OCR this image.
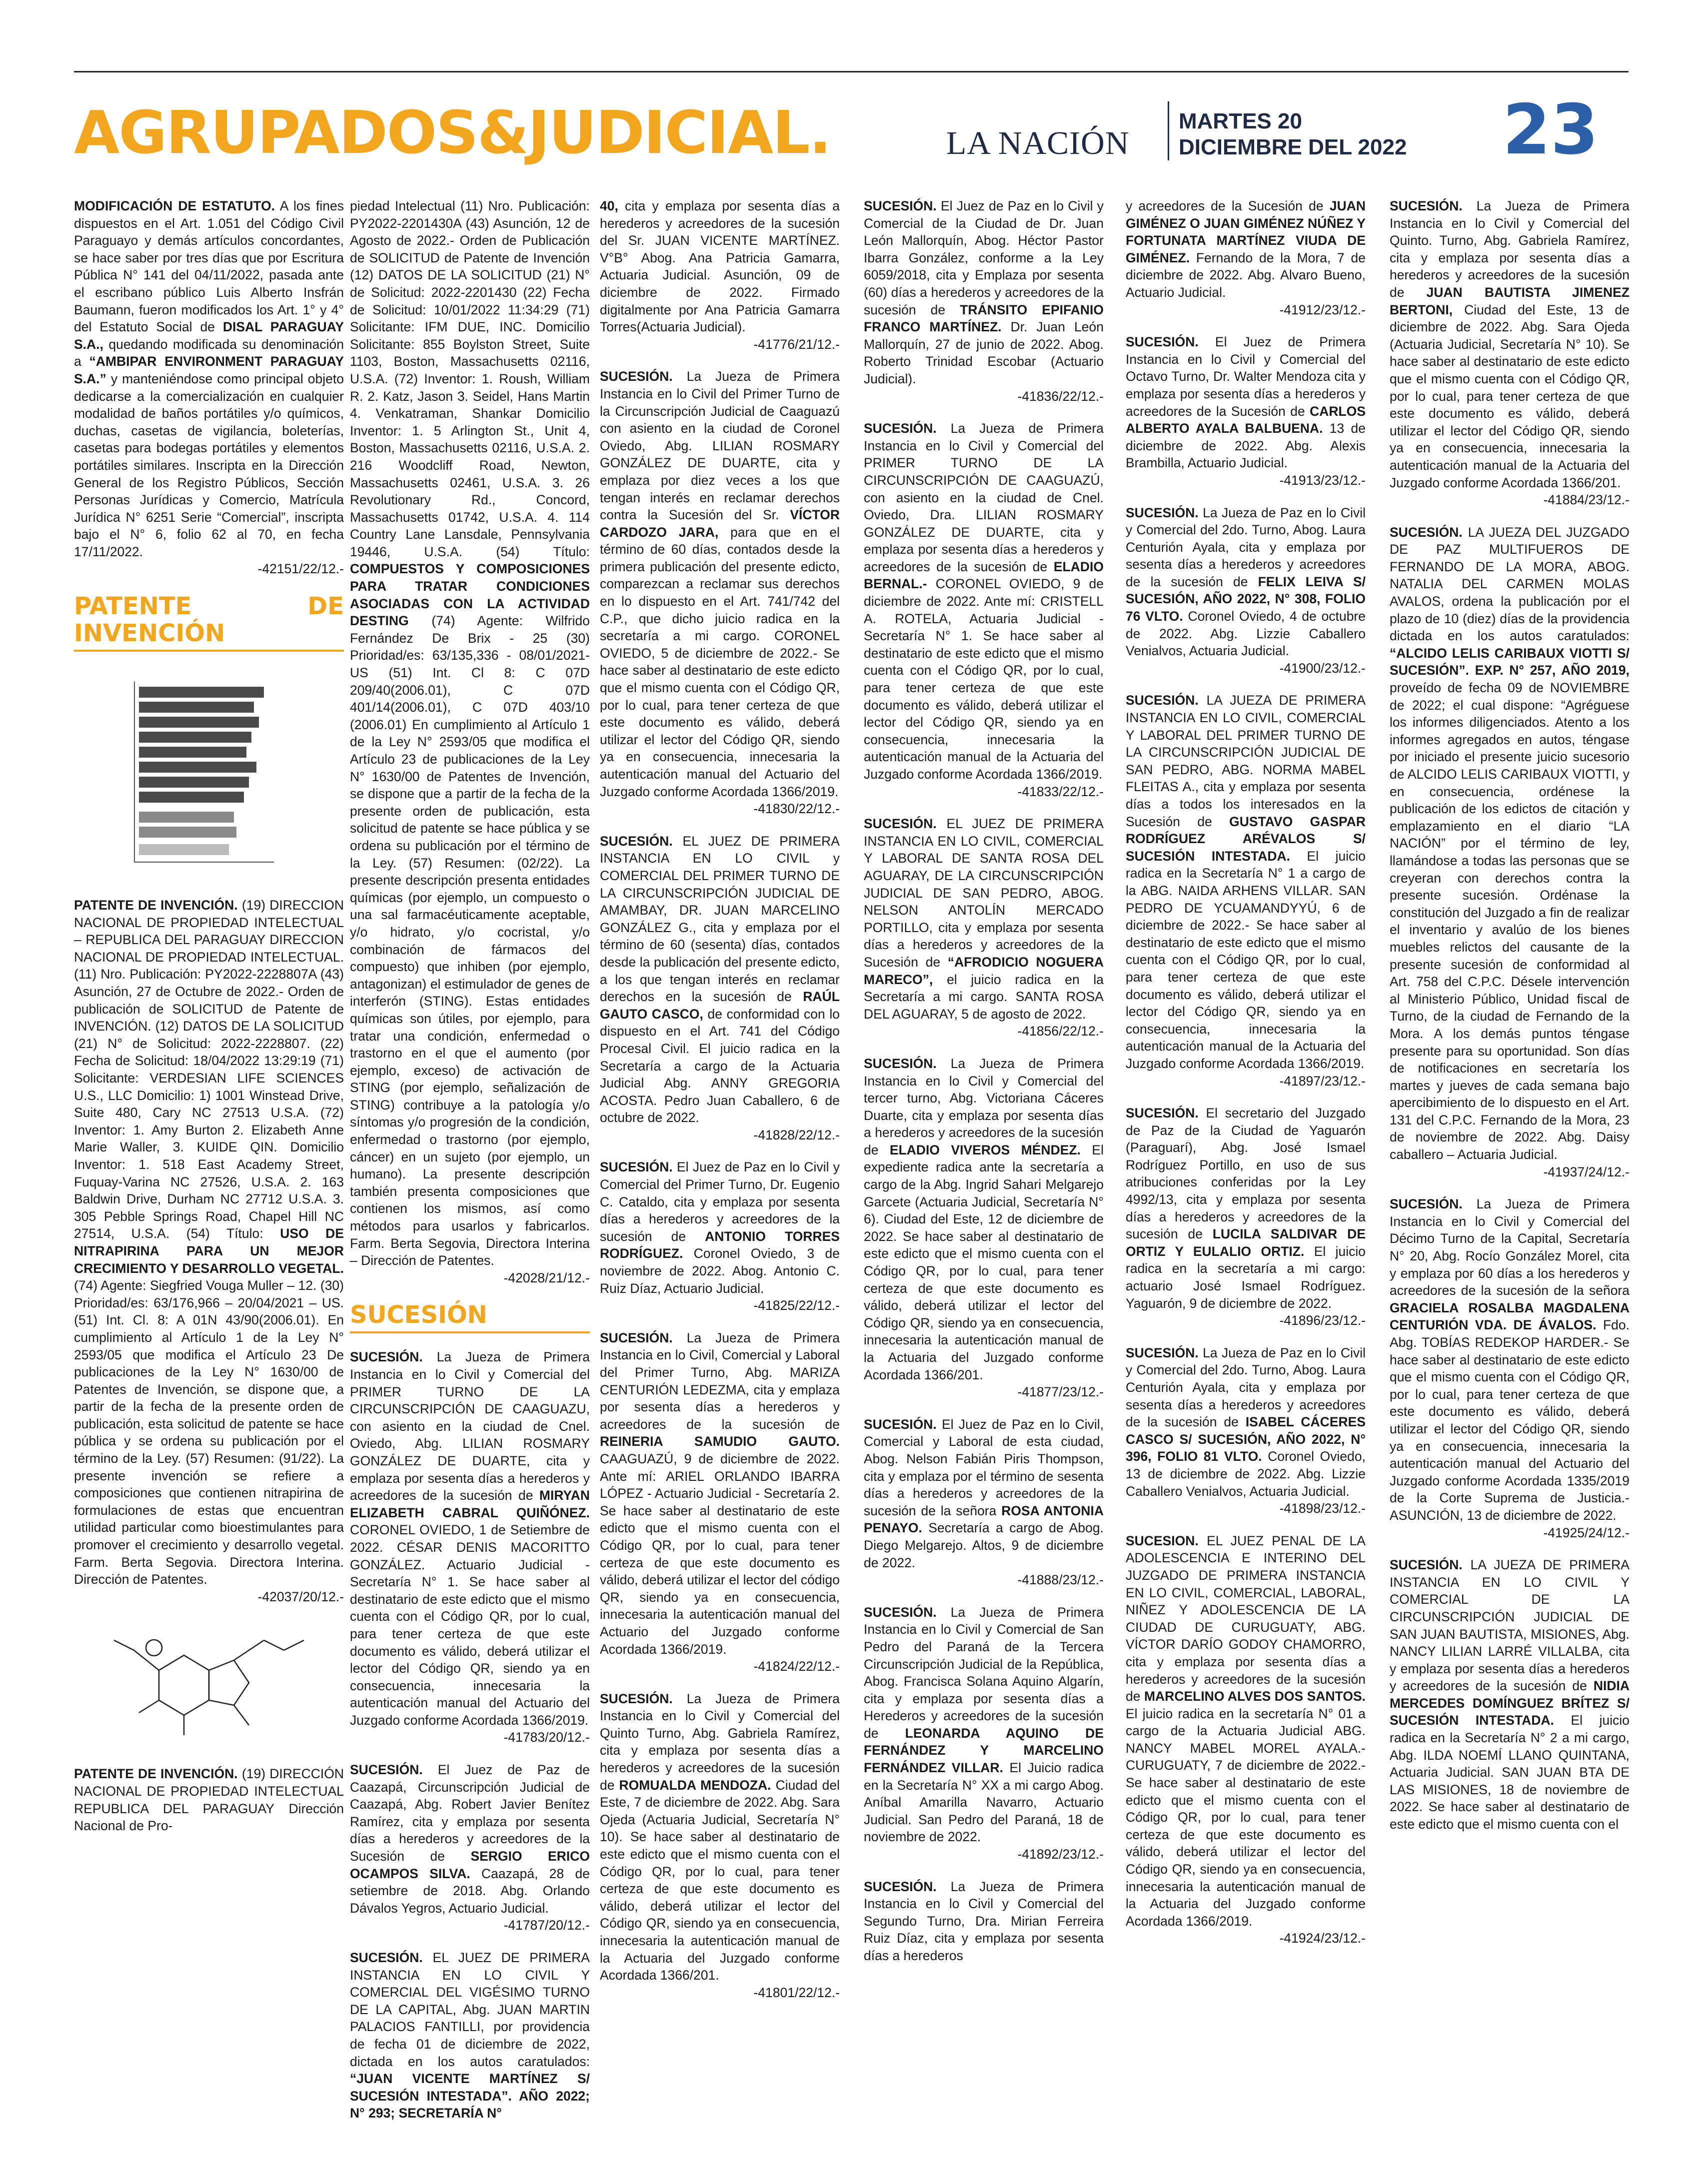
AGRUPADOS&JUDICIAL.	LA NACIÓN
MARTES 20
DICIEMBRE DEL 2022 23

MODIFICACIÓN DE ESTATUTO. A los fines dispuestos en el Art. 1.051 del Código Civil Paraguayo y demás artículos concordantes, se hace saber por tres días que por Escritura Pública N° 141 del 04/11/2022, pasada ante el escribano público Luis Alberto Insfrán Baumann, fueron modificados los Art. 1° y 4° del Estatuto Social de DISAL PARAGUAY S.A., quedando modificada su denominación a “AMBIPAR ENVIRONMENT PARAGUAY S.A.” y manteniéndose como principal objeto dedicarse a la comercialización en cualquier modalidad de baños portátiles y/o químicos, duchas, casetas de vigilancia, boleterías, casetas para bodegas portátiles y elementos portátiles similares. Inscripta en la Dirección General de los Registro Públicos, Sección Personas Jurídicas y Comercio, Matrícula Jurídica N° 6251 Serie “Comercial”, inscripta bajo el N° 6, folio 62 al 70, en fecha 17/11/2022.

-42151/22/12.-
PATENTE DE INVENCIÓN

PATENTE DE INVENCIÓN. (19) DIRECCION NACIONAL DE PROPIEDAD INTELECTUAL – REPUBLICA DEL PARAGUAY DIRECCION NACIONAL DE PROPIEDAD INTELECTUAL. (11) Nro. Publicación: PY2022-2228807A (43) Asunción, 27 de Octubre de 2022.- Orden de publicación de SOLICITUD de Patente de INVENCIÓN. (12) DATOS DE LA SOLICITUD (21) N° de Solicitud: 2022-2228807. (22) Fecha de Solicitud: 18/04/2022 13:29:19 (71) Solicitante: VERDESIAN LIFE SCIENCES U.S., LLC Domicilio: 1) 1001 Winstead Drive, Suite 480, Cary NC 27513 U.S.A. (72) Inventor: 1. Amy Burton 2. Elizabeth Anne Marie Waller, 3. KUIDE QIN. Domicilio Inventor: 1. 518 East Academy Street, Fuquay-Varina NC 27526, U.S.A. 2. 163 Baldwin Drive, Durham NC 27712 U.S.A. 3. 305 Pebble Springs Road, Chapel Hill NC 27514, U.S.A. (54) Título: USO DE NITRAPIRINA PARA UN MEJOR CRECIMIENTO Y DESARROLLO VEGETAL. (74) Agente: Siegfried Vouga Muller – 12. (30) Prioridad/es: 63/176,966 – 20/04/2021 – US. (51) Int. Cl. 8: A 01N 43/90(2006.01). En cumplimiento al Artículo 1 de la Ley N° 2593/05 que modifica el Artículo 23 De publicaciones de la Ley N° 1630/00 de Patentes de Invención, se dispone que, a partir de la fecha de la presente orden de publicación, esta solicitud de patente se hace pública y se ordena su publicación por el término de la Ley. (57) Resumen: (91/22). La presente invención se refiere a composiciones que contienen nitrapirina de formulaciones de estas que encuentran utilidad particular como bioestimulantes para promover el crecimiento y desarrollo vegetal. Farm. Berta Segovia. Directora Interina. Dirección de Patentes.

-42037/20/12.-

PATENTE DE INVENCIÓN. (19) DIRECCIÓN NACIONAL DE PROPIEDAD INTELECTUAL REPUBLICA DEL PARAGUAY Dirección Nacional de Pro-

piedad Intelectual (11) Nro. Publicación: PY2022-2201430A (43) Asunción, 12 de Agosto de 2022.- Orden de Publicación de SOLICITUD de Patente de Invención (12) DATOS DE LA SOLICITUD (21) N° de Solicitud: 2022-2201430 (22) Fecha de Solicitud: 10/01/2022 11:34:29 (71) Solicitante: IFM DUE, INC. Domicilio Solicitante: 855 Boylston Street, Suite 1103, Boston, Massachusetts 02116, U.S.A. (72) Inventor: 1. Roush, William R. 2. Katz, Jason 3. Seidel, Hans Martin 4. Venkatraman, Shankar Domicilio Inventor: 1. 5 Arlington St., Unit 4, Boston, Massachusetts 02116, U.S.A. 2. 216 Woodcliff Road, Newton, Massachusetts 02461, U.S.A. 3. 26 Revolutionary Rd., Concord, Massachusetts 01742, U.S.A. 4. 114 Country Lane Lansdale, Pennsylvania 19446, U.S.A. (54) Título: COMPUESTOS Y COMPOSICIONES PARA TRATAR CONDICIONES ASOCIADAS CON LA ACTIVIDAD DESTING (74) Agente: Wilfrido Fernández De Brix - 25 (30) Prioridad/es: 63/135,336 - 08/01/2021- US (51) Int. Cl 8: C 07D 209/40(2006.01), C 07D 401/14(2006.01), C 07D 403/10 (2006.01) En cumplimiento al Artículo 1 de la Ley N° 2593/05 que modifica el Artículo 23 de publicaciones de la Ley N° 1630/00 de Patentes de Invención, se dispone que a partir de la fecha de la presente orden de publicación, esta solicitud de patente se hace pública y se ordena su publicación por el término de la Ley. (57) Resumen: (02/22). La presente descripción presenta entidades químicas (por ejemplo, un compuesto o una sal farmacéuticamente aceptable, y/o hidrato, y/o cocristal, y/o combinación de fármacos del compuesto) que inhiben (por ejemplo, antagonizan) el estimulador de genes de interferón (STING). Estas entidades químicas son útiles, por ejemplo, para tratar una condición, enfermedad o trastorno en el que el aumento (por ejemplo, exceso) de activación de STING (por ejemplo, señalización de STING) contribuye a la patología y/o síntomas y/o progresión de la condición, enfermedad o trastorno (por ejemplo, cáncer) en un sujeto (por ejemplo, un humano). La presente descripción también presenta composiciones que contienen los mismos, así como métodos para usarlos y fabricarlos. Farm. Berta Segovia, Directora Interina – Dirección de Patentes.

-42028/21/12.-
SUCESIÓN

SUCESIÓN. La Jueza de Primera Instancia en lo Civil y Comercial del PRIMER TURNO DE LA CIRCUNSCRIPCIÓN DE CAAGUAZU, con asiento en la ciudad de Cnel. Oviedo, Abg. LILIAN ROSMARY GONZÁLEZ DE DUARTE, cita y emplaza por sesenta días a herederos y acreedores de la sucesión de MIRYAN ELIZABETH CABRAL QUIÑÓNEZ. CORONEL OVIEDO, 1 de Setiembre de 2022. CÉSAR DENIS MACORITTO GONZÁLEZ. Actuario Judicial - Secretaría N° 1. Se hace saber al destinatario de este edicto que el mismo cuenta con el Código QR, por lo cual, para tener certeza de que este documento es válido, deberá utilizar el lector del Código QR, siendo ya en consecuencia, innecesaria la autenticación manual del Actuario del Juzgado conforme Acordada 1366/2019.

-41783/20/12.-

SUCESIÓN. El Juez de Paz de Caazapá, Circunscripción Judicial de Caazapá, Abg. Robert Javier Benítez Ramírez, cita y emplaza por sesenta días a herederos y acreedores de la Sucesión de SERGIO ERICO OCAMPOS SILVA. Caazapá, 28 de setiembre de 2018. Abg. Orlando Dávalos Yegros, Actuario Judicial.

-41787/20/12.-

SUCESIÓN. EL JUEZ DE PRIMERA INSTANCIA EN LO CIVIL Y COMERCIAL DEL VIGÉSIMO TURNO DE LA CAPITAL, Abg. JUAN MARTIN PALACIOS FANTILLI, por providencia de fecha 01 de diciembre de 2022, dictada en los autos caratulados: “JUAN VICENTE MARTÍNEZ S/ SUCESIÓN INTESTADA”. AÑO 2022; N° 293; SECRETARÍA N°

40, cita y emplaza por sesenta días a herederos y acreedores de la sucesión del Sr. JUAN VICENTE MARTÍNEZ. V°B° Abog. Ana Patricia Gamarra, Actuaria Judicial. Asunción, 09 de diciembre de 2022. Firmado digitalmente por Ana Patricia Gamarra Torres(Actuaria Judicial).

-41776/21/12.-

SUCESIÓN. La Jueza de Primera Instancia en lo Civil del Primer Turno de la Circunscripción Judicial de Caaguazú con asiento en la ciudad de Coronel Oviedo, Abg. LILIAN ROSMARY GONZÁLEZ DE DUARTE, cita y emplaza por diez veces a los que tengan interés en reclamar derechos contra la Sucesión del Sr. VÍCTOR CARDOZO JARA, para que en el término de 60 días, contados desde la primera publicación del presente edicto, comparezcan a reclamar sus derechos en lo dispuesto en el Art. 741/742 del C.P., que dicho juicio radica en la secretaría a mi cargo. CORONEL OVIEDO, 5 de diciembre de 2022.- Se hace saber al destinatario de este edicto que el mismo cuenta con el Código QR, por lo cual, para tener certeza de que este documento es válido, deberá utilizar el lector del Código QR, siendo ya en consecuencia, innecesaria la autenticación manual del Actuario del Juzgado conforme Acordada 1366/2019.

-41830/22/12.-

SUCESIÓN. EL JUEZ DE PRIMERA INSTANCIA EN LO CIVIL y COMERCIAL DEL PRIMER TURNO DE LA CIRCUNSCRIPCIÓN JUDICIAL DE AMAMBAY, DR. JUAN MARCELINO GONZÁLEZ G., cita y emplaza por el término de 60 (sesenta) días, contados desde la publicación del presente edicto, a los que tengan interés en reclamar derechos en la sucesión de RAÚL GAUTO CASCO, de conformidad con lo dispuesto en el Art. 741 del Código Procesal Civil. El juicio radica en la Secretaría a cargo de la Actuaria Judicial Abg. ANNY GREGORIA ACOSTA. Pedro Juan Caballero, 6 de octubre de 2022.

-41828/22/12.-

SUCESIÓN. El Juez de Paz en lo Civil y Comercial del Primer Turno, Dr. Eugenio C. Cataldo, cita y emplaza por sesenta días a herederos y acreedores de la sucesión de ANTONIO TORRES RODRÍGUEZ. Coronel Oviedo, 3 de noviembre de 2022. Abog. Antonio C. Ruiz Díaz, Actuario Judicial.

-41825/22/12.-

SUCESIÓN. La Jueza de Primera Instancia en lo Civil, Comercial y Laboral del Primer Turno, Abg. MARIZA CENTURIÓN LEDEZMA, cita y emplaza por sesenta días a herederos y acreedores de la sucesión de REINERIA SAMUDIO GAUTO. CAAGUAZÚ, 9 de diciembre de 2022. Ante mí: ARIEL ORLANDO IBARRA LÓPEZ - Actuario Judicial - Secretaría 2. Se hace saber al destinatario de este edicto que el mismo cuenta con el Código QR, por lo cual, para tener certeza de que este documento es válido, deberá utilizar el lector del código QR, siendo ya en consecuencia, innecesaria la autenticación manual del Actuario del Juzgado conforme Acordada 1366/2019.

-41824/22/12.-

SUCESIÓN. La Jueza de Primera Instancia en lo Civil y Comercial del Quinto Turno, Abg. Gabriela Ramírez, cita y emplaza por sesenta días a herederos y acreedores de la sucesión de ROMUALDA MENDOZA. Ciudad del Este, 7 de diciembre de 2022. Abg. Sara Ojeda (Actuaria Judicial, Secretaría N° 10). Se hace saber al destinatario de este edicto que el mismo cuenta con el Código QR, por lo cual, para tener certeza de que este documento es válido, deberá utilizar el lector del Código QR, siendo ya en consecuencia, innecesaria la autenticación manual de la Actuaria del Juzgado conforme Acordada 1366/201.

-41801/22/12.-

SUCESIÓN. El Juez de Paz en lo Civil y Comercial de la Ciudad de Dr. Juan León Mallorquín, Abog. Héctor Pastor Ibarra González, conforme a la Ley 6059/2018, cita y Emplaza por sesenta (60) días a herederos y acreedores de la sucesión de TRÁNSITO EPIFANIO FRANCO MARTÍNEZ. Dr. Juan León Mallorquín, 27 de junio de 2022. Abog. Roberto Trinidad Escobar (Actuario Judicial).

-41836/22/12.-

SUCESIÓN. La Jueza de Primera Instancia en lo Civil y Comercial del PRIMER TURNO DE LA CIRCUNSCRIPCIÓN DE CAAGUAZÚ, con asiento en la ciudad de Cnel. Oviedo, Dra. LILIAN ROSMARY GONZÁLEZ DE DUARTE, cita y emplaza por sesenta días a herederos y acreedores de la sucesión de ELADIO BERNAL.- CORONEL OVIEDO, 9 de diciembre de 2022. Ante mí: CRISTELL A. ROTELA, Actuaria Judicial - Secretaría N° 1. Se hace saber al destinatario de este edicto que el mismo cuenta con el Código QR, por lo cual, para tener certeza de que este documento es válido, deberá utilizar el lector del Código QR, siendo ya en consecuencia, innecesaria la autenticación manual de la Actuaria del Juzgado conforme Acordada 1366/2019.

-41833/22/12.-

SUCESIÓN. EL JUEZ DE PRIMERA INSTANCIA EN LO CIVIL, COMERCIAL Y LABORAL DE SANTA ROSA DEL AGUARAY, DE LA CIRCUNSCRIPCIÓN JUDICIAL DE SAN PEDRO, ABOG. NELSON ANTOLÍN MERCADO PORTILLO, cita y emplaza por sesenta días a herederos y acreedores de la Sucesión de “AFRODICIO NOGUERA MARECO”, el juicio radica en la Secretaría a mi cargo. SANTA ROSA DEL AGUARAY, 5 de agosto de 2022.

-41856/22/12.-

SUCESIÓN. La Jueza de Primera Instancia en lo Civil y Comercial del tercer turno, Abg. Victoriana Cáceres Duarte, cita y emplaza por sesenta días a herederos y acreedores de la sucesión de ELADIO VIVEROS MÉNDEZ. El expediente radica ante la secretaría a cargo de la Abg. Ingrid Sahari Melgarejo Garcete (Actuaria Judicial, Secretaría N° 6). Ciudad del Este, 12 de diciembre de 2022. Se hace saber al destinatario de este edicto que el mismo cuenta con el Código QR, por lo cual, para tener certeza de que este documento es válido, deberá utilizar el lector del Código QR, siendo ya en consecuencia, innecesaria la autenticación manual de la Actuaria del Juzgado conforme Acordada 1366/201.

-41877/23/12.-

SUCESIÓN. El Juez de Paz en lo Civil, Comercial y Laboral de esta ciudad, Abog. Nelson Fabián Piris Thompson, cita y emplaza por el término de sesenta días a herederos y acreedores de la sucesión de la señora ROSA ANTONIA PENAYO. Secretaría a cargo de Abog. Diego Melgarejo. Altos, 9 de diciembre de 2022.

-41888/23/12.-

SUCESIÓN. La Jueza de Primera Instancia en lo Civil y Comercial de San Pedro del Paraná de la Tercera Circunscripción Judicial de la República, Abog. Francisca Solana Aquino Algarín, cita y emplaza por sesenta días a Herederos y acreedores de la sucesión de LEONARDA AQUINO DE FERNÁNDEZ Y MARCELINO FERNÁNDEZ VILLAR. El Juicio radica en la Secretaría N° XX a mi cargo Abog. Aníbal Amarilla Navarro, Actuario Judicial. San Pedro del Paraná, 18 de noviembre de 2022.

-41892/23/12.-

SUCESIÓN. La Jueza de Primera Instancia en lo Civil y Comercial del Segundo Turno, Dra. Mirian Ferreira Ruiz Díaz, cita y emplaza por sesenta días a herederos

y acreedores de la Sucesión de JUAN GIMÉNEZ O JUAN GIMÉNEZ NÚÑEZ Y FORTUNATA MARTÍNEZ VIUDA DE GIMÉNEZ. Fernando de la Mora, 7 de diciembre de 2022. Abg. Alvaro Bueno, Actuario Judicial.

-41912/23/12.-

SUCESIÓN. El Juez de Primera Instancia en lo Civil y Comercial del Octavo Turno, Dr. Walter Mendoza cita y emplaza por sesenta días a herederos y acreedores de la Sucesión de CARLOS ALBERTO AYALA BALBUENA. 13 de diciembre de 2022. Abg. Alexis Brambilla, Actuario Judicial.

-41913/23/12.-

SUCESIÓN. La Jueza de Paz en lo Civil y Comercial del 2do. Turno, Abog. Laura Centurión Ayala, cita y emplaza por sesenta días a herederos y acreedores de la sucesión de FELIX LEIVA S/ SUCESIÓN, AÑO 2022, N° 308, FOLIO 76 VLTO. Coronel Oviedo, 4 de octubre de 2022. Abg. Lizzie Caballero Venialvos, Actuaria Judicial.

-41900/23/12.-

SUCESIÓN. LA JUEZA DE PRIMERA INSTANCIA EN LO CIVIL, COMERCIAL Y LABORAL DEL PRIMER TURNO DE LA CIRCUNSCRIPCIÓN JUDICIAL DE SAN PEDRO, ABG. NORMA MABEL FLEITAS A., cita y emplaza por sesenta días a todos los interesados en la Sucesión de GUSTAVO GASPAR RODRÍGUEZ ARÉVALOS S/ SUCESIÓN INTESTADA. El juicio radica en la Secretaría N° 1 a cargo de la ABG. NAIDA ARHENS VILLAR. SAN PEDRO DE YCUAMANDYYÚ, 6 de diciembre de 2022.- Se hace saber al destinatario de este edicto que el mismo cuenta con el Código QR, por lo cual, para tener certeza de que este documento es válido, deberá utilizar el lector del Código QR, siendo ya en consecuencia, innecesaria la autenticación manual de la Actuaria del Juzgado conforme Acordada 1366/2019.

-41897/23/12.-

SUCESIÓN. El secretario del Juzgado de Paz de la Ciudad de Yaguarón (Paraguarí), Abg. José Ismael Rodríguez Portillo, en uso de sus atribuciones conferidas por la Ley 4992/13, cita y emplaza por sesenta días a herederos y acreedores de la sucesión de LUCILA SALDIVAR DE ORTIZ Y EULALIO ORTIZ. El juicio radica en la secretaría a mi cargo: actuario José Ismael Rodríguez. Yaguarón, 9 de diciembre de 2022.

-41896/23/12.-

SUCESIÓN. La Jueza de Paz en lo Civil y Comercial del 2do. Turno, Abog. Laura Centurión Ayala, cita y emplaza por sesenta días a herederos y acreedores de la sucesión de ISABEL CÁCERES CASCO S/ SUCESIÓN, AÑO 2022, N° 396, FOLIO 81 VLTO. Coronel Oviedo, 13 de diciembre de 2022. Abg. Lizzie Caballero Venialvos, Actuaria Judicial.

-41898/23/12.-

SUCESION. EL JUEZ PENAL DE LA ADOLESCENCIA E INTERINO DEL JUZGADO DE PRIMERA INSTANCIA EN LO CIVIL, COMERCIAL, LABORAL, NIÑEZ Y ADOLESCENCIA DE LA CIUDAD DE CURUGUATY, ABG. VÍCTOR DARÍO GODOY CHAMORRO, cita y emplaza por sesenta días a herederos y acreedores de la sucesión de MARCELINO ALVES DOS SANTOS. El juicio radica en la secretaría N° 01 a cargo de la Actuaria Judicial ABG. NANCY MABEL MOREL AYALA.- CURUGUATY, 7 de diciembre de 2022.- Se hace saber al destinatario de este edicto que el mismo cuenta con el Código QR, por lo cual, para tener certeza de que este documento es válido, deberá utilizar el lector del Código QR, siendo ya en consecuencia, innecesaria la autenticación manual de la Actuaria del Juzgado conforme Acordada 1366/2019.

-41924/23/12.-

SUCESIÓN. La Jueza de Primera Instancia en lo Civil y Comercial del Quinto. Turno, Abg. Gabriela Ramírez, cita y emplaza por sesenta días a herederos y acreedores de la sucesión de JUAN BAUTISTA JIMENEZ BERTONI, Ciudad del Este, 13 de diciembre de 2022. Abg. Sara Ojeda (Actuaria Judicial, Secretaría N° 10). Se hace saber al destinatario de este edicto que el mismo cuenta con el Código QR, por lo cual, para tener certeza de que este documento es válido, deberá utilizar el lector del Código QR, siendo ya en consecuencia, innecesaria la autenticación manual de la Actuaria del Juzgado conforme Acordada 1366/201.

-41884/23/12.-

SUCESIÓN. LA JUEZA DEL JUZGADO DE PAZ MULTIFUEROS DE FERNANDO DE LA MORA, ABOG. NATALIA DEL CARMEN MOLAS AVALOS, ordena la publicación por el plazo de 10 (diez) días de la providencia dictada en los autos caratulados: “ALCIDO LELIS CARIBAUX VIOTTI S/ SUCESIÓN”. EXP. N° 257, AÑO 2019, proveído de fecha 09 de NOVIEMBRE de 2022; el cual dispone: “Agréguese los informes diligenciados. Atento a los informes agregados en autos, téngase por iniciado el presente juicio sucesorio de ALCIDO LELIS CARIBAUX VIOTTI, y en consecuencia, ordénese la publicación de los edictos de citación y emplazamiento en el diario “LA NACIÓN” por el término de ley, llamándose a todas las personas que se creyeran con derechos contra la presente sucesión. Ordénase la constitución del Juzgado a fin de realizar el inventario y avalúo de los bienes muebles relictos del causante de la presente sucesión de conformidad al Art. 758 del C.P.C. Désele intervención al Ministerio Público, Unidad fiscal de Turno, de la ciudad de Fernando de la Mora. A los demás puntos téngase presente para su oportunidad. Son días de notificaciones en secretaría los martes y jueves de cada semana bajo apercibimiento de lo dispuesto en el Art. 131 del C.P.C. Fernando de la Mora, 23 de noviembre de 2022. Abg. Daisy caballero – Actuaria Judicial.

-41937/24/12.-

SUCESIÓN. La Jueza de Primera Instancia en lo Civil y Comercial del Décimo Turno de la Capital, Secretaría N° 20, Abg. Rocío González Morel, cita y emplaza por 60 días a los herederos y acreedores de la sucesión de la señora GRACIELA ROSALBA MAGDALENA CENTURIÓN VDA. DE ÁVALOS. Fdo. Abg. TOBÍAS REDEKOP HARDER.- Se hace saber al destinatario de este edicto que el mismo cuenta con el Código QR, por lo cual, para tener certeza de que este documento es válido, deberá utilizar el lector del Código QR, siendo ya en consecuencia, innecesaria la autenticación manual del Actuario del Juzgado conforme Acordada 1335/2019 de la Corte Suprema de Justicia.- ASUNCIÓN, 13 de diciembre de 2022.

-41925/24/12.-

SUCESIÓN. LA JUEZA DE PRIMERA INSTANCIA EN LO CIVIL Y COMERCIAL DE LA CIRCUNSCRIPCIÓN JUDICIAL DE SAN JUAN BAUTISTA, MISIONES, Abg. NANCY LILIAN LARRÉ VILLALBA, cita y emplaza por sesenta días a herederos y acreedores de la sucesión de NIDIA MERCEDES DOMÍNGUEZ BRÍTEZ S/ SUCESIÓN INTESTADA. El juicio radica en la Secretaría N° 2 a mi cargo, Abg. ILDA NOEMÍ LLANO QUINTANA, Actuaria Judicial. SAN JUAN BTA DE LAS MISIONES, 18 de noviembre de 2022. Se hace saber al destinatario de este edicto que el mismo cuenta con el
